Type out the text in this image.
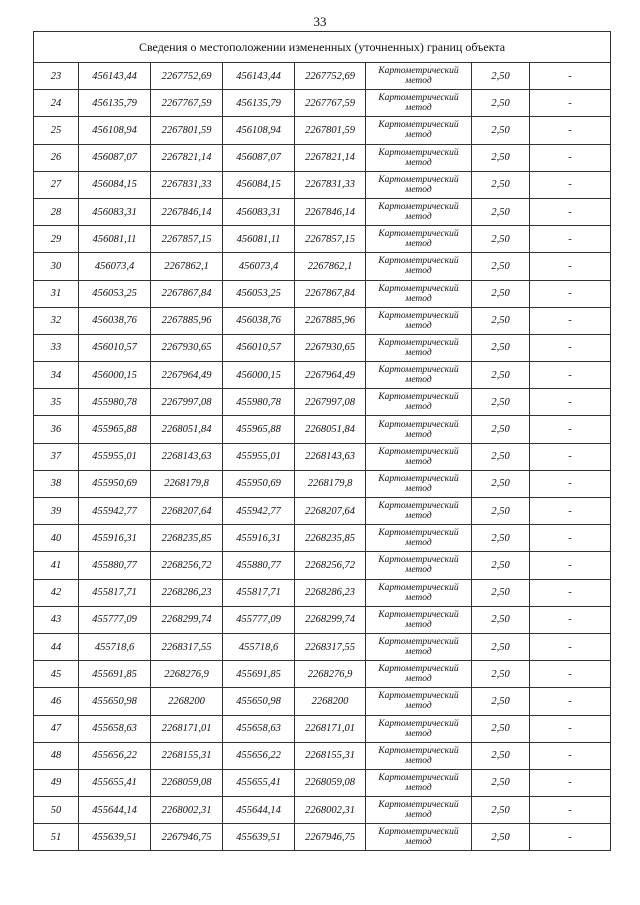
33
Сведения о местоположении измененных (уточненных) границ объекта							
23	456143,44	2267752,69	456143,44	2267752,69	Картометрический метод	2,50	-
24	456135,79	2267767,59	456135,79	2267767,59	Картометрический метод	2,50	-
25	456108,94	2267801,59	456108,94	2267801,59	Картометрический метод	2,50	-
26	456087,07	2267821,14	456087,07	2267821,14	Картометрический метод	2,50	-
27	456084,15	2267831,33	456084,15	2267831,33	Картометрический метод	2,50	-
28	456083,31	2267846,14	456083,31	2267846,14	Картометрический метод	2,50	-
29	456081,11	2267857,15	456081,11	2267857,15	Картометрический метод	2,50	-
30	456073,4	2267862,1	456073,4	2267862,1	Картометрический метод	2,50	-
31	456053,25	2267867,84	456053,25	2267867,84	Картометрический метод	2,50	-
32	456038,76	2267885,96	456038,76	2267885,96	Картометрический метод	2,50	-
33	456010,57	2267930,65	456010,57	2267930,65	Картометрический метод	2,50	-
34	456000,15	2267964,49	456000,15	2267964,49	Картометрический метод	2,50	-
35	455980,78	2267997,08	455980,78	2267997,08	Картометрический метод	2,50	-
36	455965,88	2268051,84	455965,88	2268051,84	Картометрический метод	2,50	-
37	455955,01	2268143,63	455955,01	2268143,63	Картометрический метод	2,50	-
38	455950,69	2268179,8	455950,69	2268179,8	Картометрический метод	2,50	-
39	455942,77	2268207,64	455942,77	2268207,64	Картометрический метод	2,50	-
40	455916,31	2268235,85	455916,31	2268235,85	Картометрический метод	2,50	-
41	455880,77	2268256,72	455880,77	2268256,72	Картометрический метод	2,50	-
42	455817,71	2268286,23	455817,71	2268286,23	Картометрический метод	2,50	-
43	455777,09	2268299,74	455777,09	2268299,74	Картометрический метод	2,50	-
44	455718,6	2268317,55	455718,6	2268317,55	Картометрический метод	2,50	-
45	455691,85	2268276,9	455691,85	2268276,9	Картометрический метод	2,50	-
46	455650,98	2268200	455650,98	2268200	Картометрический метод	2,50	-
47	455658,63	2268171,01	455658,63	2268171,01	Картометрический метод	2,50	-
48	455656,22	2268155,31	455656,22	2268155,31	Картометрический метод	2,50	-
49	455655,41	2268059,08	455655,41	2268059,08	Картометрический метод	2,50	-
50	455644,14	2268002,31	455644,14	2268002,31	Картометрический метод	2,50	-
51	455639,51	2267946,75	455639,51	2267946,75	Картометрический метод	2,50	-
